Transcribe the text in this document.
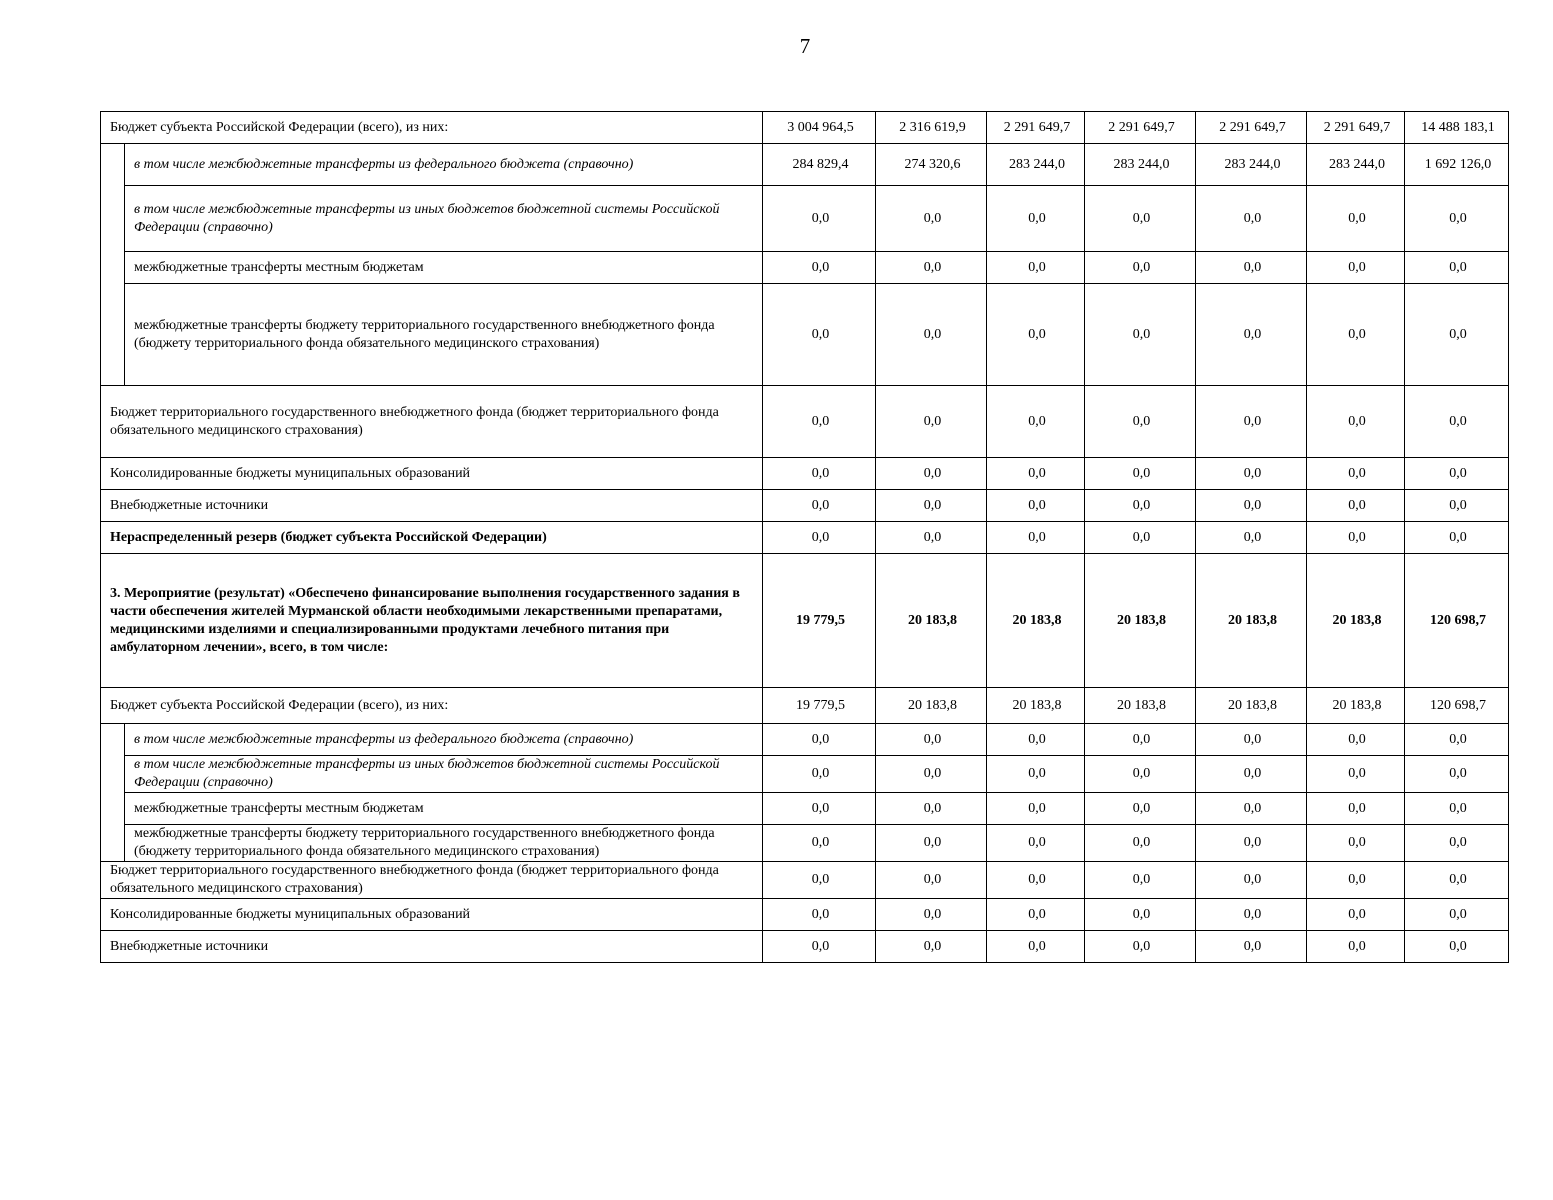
7
Бюджет субъекта Российской Федерации (всего), из них:		3 004 964,5	2 316 619,9	2 291 649,7	2 291 649,7	2 291 649,7	2 291 649,7	14 488 183,1
	в том числе межбюджетные трансферты из федерального бюджета (справочно)	284 829,4	274 320,6	283 244,0	283 244,0	283 244,0	283 244,0	1 692 126,0
	в том числе межбюджетные трансферты из иных бюджетов бюджетной системы Российской Федерации (справочно)	0,0	0,0	0,0	0,0	0,0	0,0	0,0
	межбюджетные трансферты местным бюджетам	0,0	0,0	0,0	0,0	0,0	0,0	0,0
	межбюджетные трансферты бюджету территориального государственного внебюджетного фонда (бюджету территориального фонда обязательного медицинского страхования)	0,0	0,0	0,0	0,0	0,0	0,0	0,0
Бюджет территориального государственного внебюджетного фонда (бюджет территориального фонда обязательного медицинского страхования)		0,0	0,0	0,0	0,0	0,0	0,0	0,0
Консолидированные бюджеты муниципальных образований		0,0	0,0	0,0	0,0	0,0	0,0	0,0
Внебюджетные источники		0,0	0,0	0,0	0,0	0,0	0,0	0,0
Нераспределенный резерв (бюджет субъекта Российской Федерации)		0,0	0,0	0,0	0,0	0,0	0,0	0,0
3. Мероприятие (результат) «Обеспечено финансирование выполнения государственного задания в части обеспечения жителей Мурманской области необходимыми лекарственными препаратами, медицинскими изделиями и специализированными продуктами лечебного питания при амбулаторном лечении», всего, в том числе:		19 779,5	20 183,8	20 183,8	20 183,8	20 183,8	20 183,8	120 698,7
Бюджет субъекта Российской Федерации (всего), из них:		19 779,5	20 183,8	20 183,8	20 183,8	20 183,8	20 183,8	120 698,7
	в том числе межбюджетные трансферты из федерального бюджета (справочно)	0,0	0,0	0,0	0,0	0,0	0,0	0,0
	в том числе межбюджетные трансферты из иных бюджетов бюджетной системы Российской Федерации (справочно)	0,0	0,0	0,0	0,0	0,0	0,0	0,0
	межбюджетные трансферты местным бюджетам	0,0	0,0	0,0	0,0	0,0	0,0	0,0
	межбюджетные трансферты бюджету территориального государственного внебюджетного фонда (бюджету территориального фонда обязательного медицинского страхования)	0,0	0,0	0,0	0,0	0,0	0,0	0,0
Бюджет территориального государственного внебюджетного фонда (бюджет территориального фонда обязательного медицинского страхования)		0,0	0,0	0,0	0,0	0,0	0,0	0,0
Консолидированные бюджеты муниципальных образований		0,0	0,0	0,0	0,0	0,0	0,0	0,0
Внебюджетные источники		0,0	0,0	0,0	0,0	0,0	0,0	0,0
